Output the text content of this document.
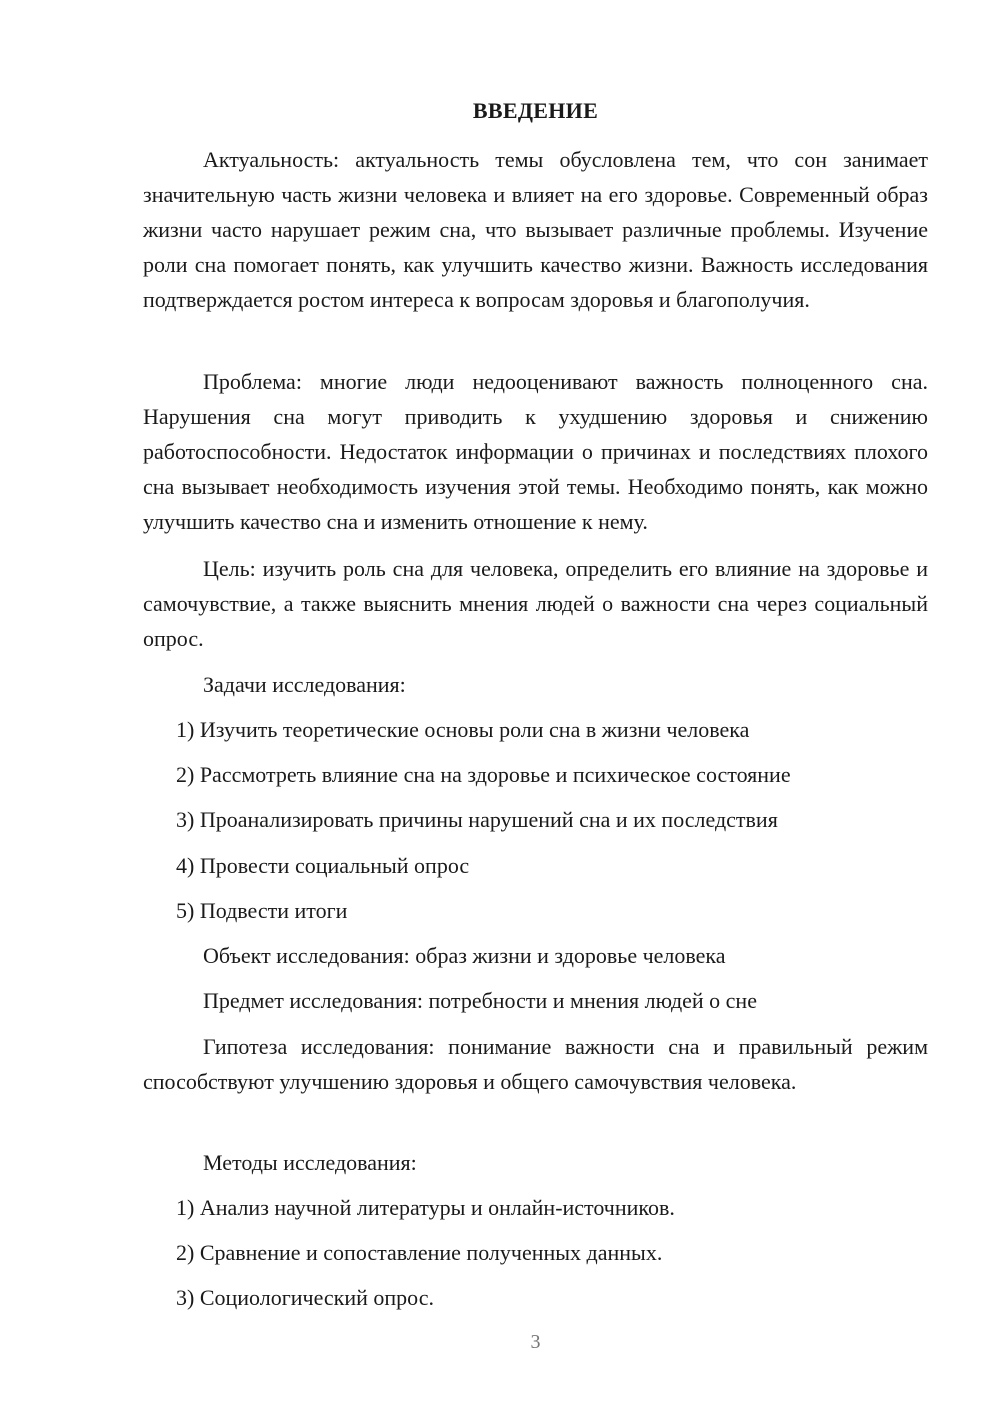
ВВЕДЕНИЕ

Актуальность: актуальность темы обусловлена тем, что сон занимает значительную часть жизни человека и влияет на его здоровье. Современный образ жизни часто нарушает режим сна, что вызывает различные проблемы. Изучение роли сна помогает понять, как улучшить качество жизни. Важность исследования подтверждается ростом интереса к вопросам здоровья и благополучия.

Проблема: многие люди недооценивают важность полноценного сна. Нарушения сна могут приводить к ухудшению здоровья и снижению работоспособности. Недостаток информации о причинах и последствиях плохого сна вызывает необходимость изучения этой темы. Необходимо понять, как можно улучшить качество сна и изменить отношение к нему.

Цель: изучить роль сна для человека, определить его влияние на здоровье и самочувствие, а также выяснить мнения людей о важности сна через социальный опрос.

Задачи исследования:
1) Изучить теоретические основы роли сна в жизни человека
2) Рассмотреть влияние сна на здоровье и психическое состояние
3) Проанализировать причины нарушений сна и их последствия
4) Провести социальный опрос
5) Подвести итоги
Объект исследования: образ жизни и здоровье человека
Предмет исследования: потребности и мнения людей о сне

Гипотеза исследования: понимание важности сна и правильный режим способствуют улучшению здоровья и общего самочувствия человека.

Методы исследования:
1) Анализ научной литературы и онлайн-источников.
2) Сравнение и сопоставление полученных данных.
3) Социологический опрос.
3
